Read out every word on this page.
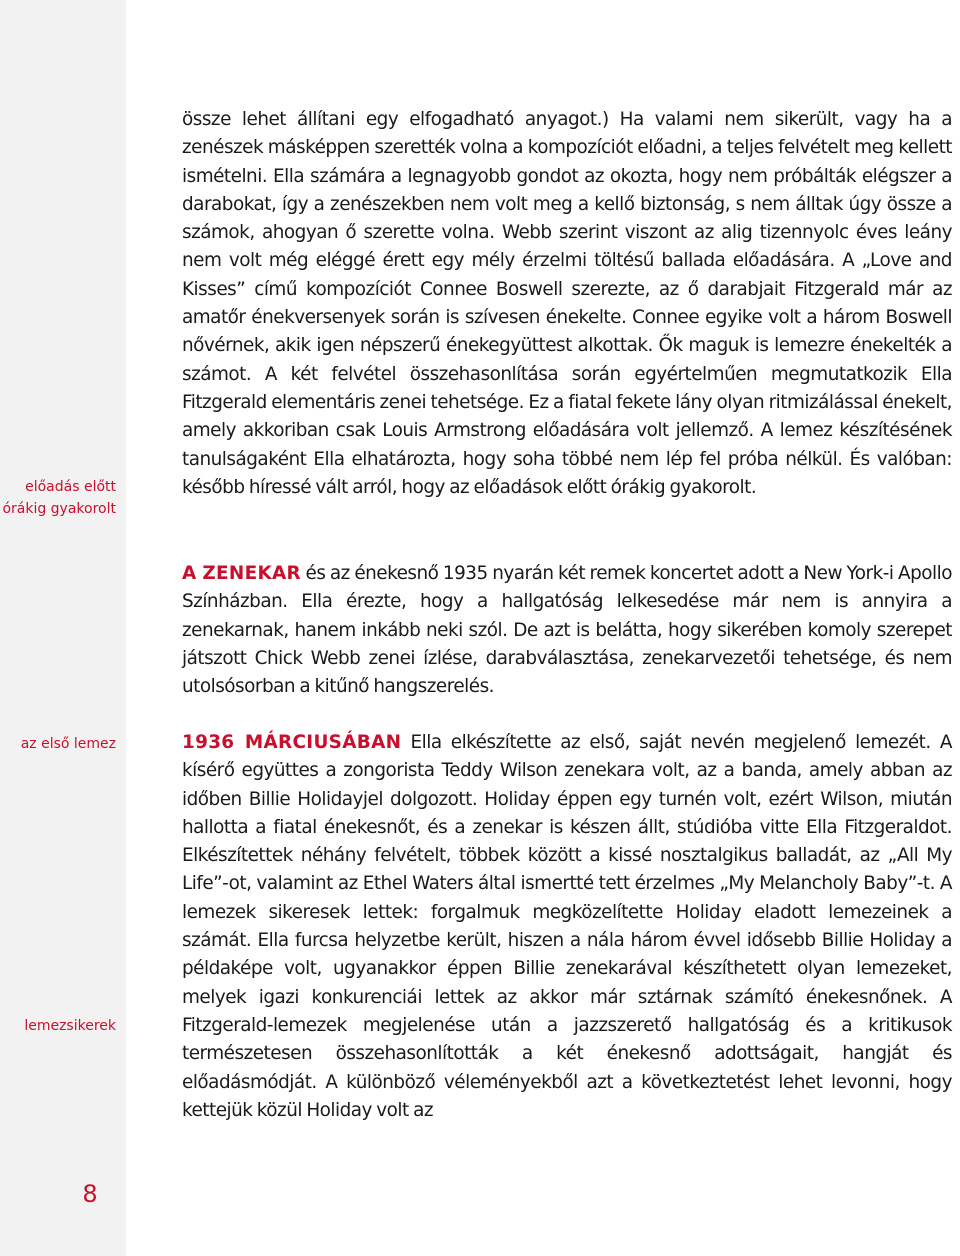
előadás előtt
órákig gyakorolt
az első lemez
lemezsikerek
8

össze lehet állítani egy elfogadható anyagot.) Ha valami nem sikerült, vagy ha a zenészek másképpen szerették volna a kompozíciót előadni, a teljes felvételt meg kellett ismételni. Ella számára a legnagyobb gondot az okozta, hogy nem próbálták elégszer a darabokat, így a zenészekben nem volt meg a kellő biztonság, s nem álltak úgy össze a számok, ahogyan ő szerette volna. Webb szerint viszont az alig tizennyolc éves leány nem volt még eléggé érett egy mély érzelmi töltésű ballada előadására. A „Love and Kisses” című kompozíciót Connee Boswell szerezte, az ő darabjait Fitzgerald már az amatőr énekversenyek során is szívesen énekelte. Connee egyike volt a három Boswell nővérnek, akik igen népszerű énekegyüttest alkottak. Ők maguk is lemezre énekelték a számot. A két felvétel összehasonlítása során egyértelműen megmutatkozik Ella Fitzgerald elementáris zenei tehetsége. Ez a fiatal fekete lány olyan ritmizálással énekelt, amely akkoriban csak Louis Armstrong előadására volt jellemző. A lemez készítésének tanulságaként Ella elhatározta, hogy soha többé nem lép fel próba nélkül. És valóban: később híressé vált arról, hogy az előadások előtt órákig gyakorolt.

A ZENEKAR és az énekesnő 1935 nyarán két remek koncertet adott a New York-i Apollo Színházban. Ella érezte, hogy a hallgatóság lelkesedése már nem is annyira a zenekarnak, hanem inkább neki szól. De azt is belátta, hogy sikerében komoly szerepet játszott Chick Webb zenei ízlése, darabválasztása, zenekarvezetői tehetsége, és nem utolsósorban a kitűnő hangszerelés.

1936 MÁRCIUSÁBAN Ella elkészítette az első, saját nevén megjelenő lemezét. A kísérő együttes a zongorista Teddy Wilson zenekara volt, az a banda, amely abban az időben Billie Holidayjel dolgozott. Holiday éppen egy turnén volt, ezért Wilson, miután hallotta a fiatal énekesnőt, és a zenekar is készen állt, stúdióba vitte Ella Fitzgeraldot. Elkészítettek néhány felvételt, többek között a kissé nosztalgikus balladát, az „All My Life”-ot, valamint az Ethel Waters által ismertté tett érzelmes „My Melancholy Baby”-t. A lemezek sikeresek lettek: forgalmuk megközelítette Holiday eladott lemezeinek a számát. Ella furcsa helyzetbe került, hiszen a nála három évvel idősebb Billie Holiday a példaképe volt, ugyanakkor éppen Billie zenekarával készíthetett olyan lemezeket, melyek igazi konkurenciái lettek az akkor már sztárnak számító énekesnőnek. A Fitzgerald-lemezek megjelenése után a jazzszerető hallgatóság és a kritikusok természetesen összehasonlították a két énekesnő adottságait, hangját és előadásmódját. A különböző véleményekből azt a következtetést lehet levonni, hogy kettejük közül Holiday volt az
